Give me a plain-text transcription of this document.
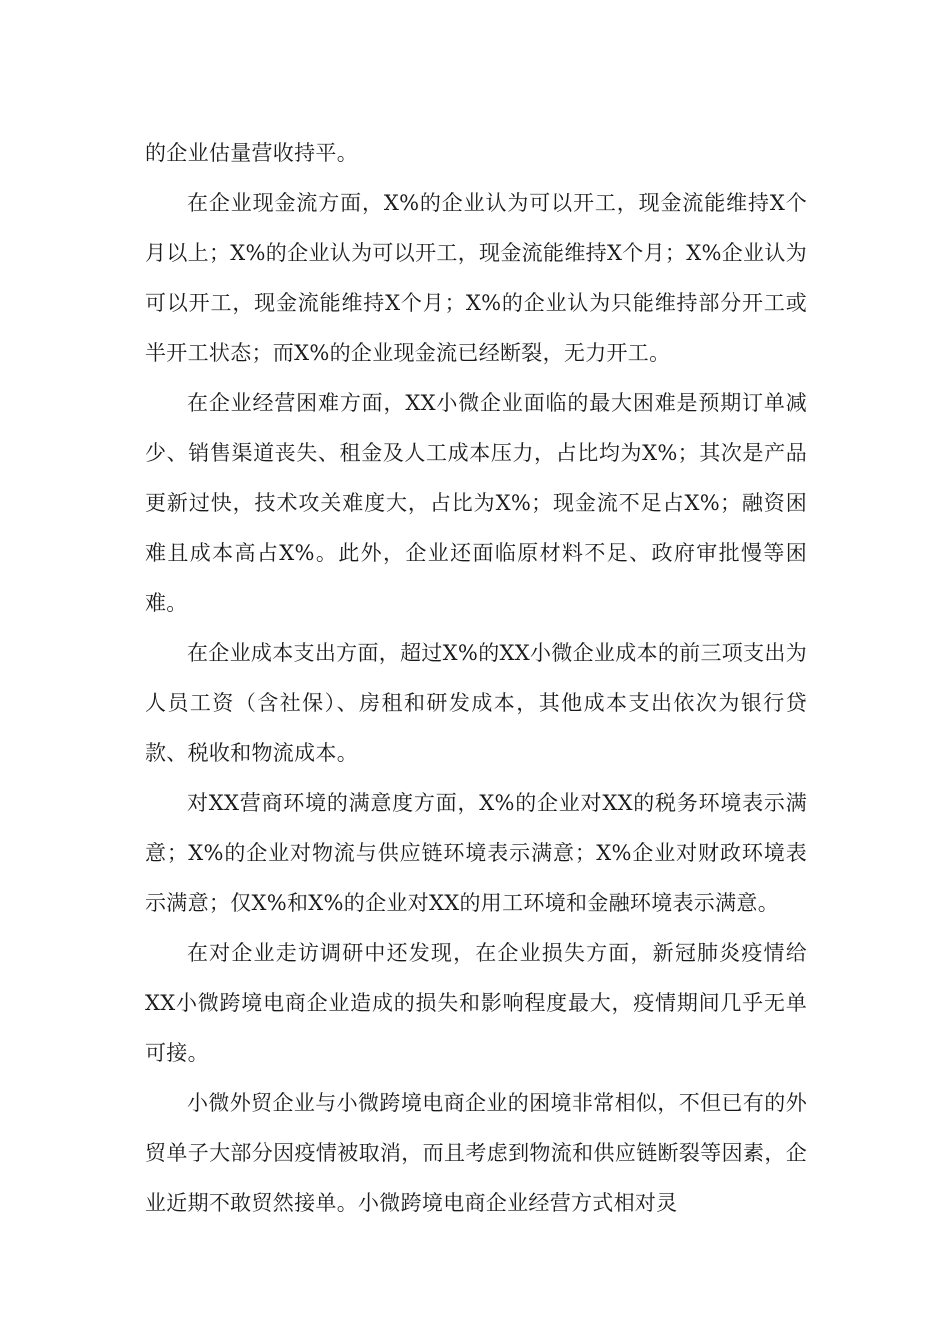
的企业估量营收持平。

在企业现金流方面，X%的企业认为可以开工，现金流能维持X个月以上；X%的企业认为可以开工，现金流能维持X个月；X%企业认为可以开工，现金流能维持X个月；X%的企业认为只能维持部分开工或半开工状态；而X%的企业现金流已经断裂，无力开工。

在企业经营困难方面，XX小微企业面临的最大困难是预期订单减少、销售渠道丧失、租金及人工成本压力，占比均为X%；其次是产品更新过快，技术攻关难度大，占比为X%；现金流不足占X%；融资困难且成本高占X%。此外，企业还面临原材料不足、政府审批慢等困难。

在企业成本支出方面，超过X%的XX小微企业成本的前三项支出为人员工资（含社保）、房租和研发成本，其他成本支出依次为银行贷款、税收和物流成本。

对XX营商环境的满意度方面，X%的企业对XX的税务环境表示满意；X%的企业对物流与供应链环境表示满意；X%企业对财政环境表示满意；仅X%和X%的企业对XX的用工环境和金融环境表示满意。

在对企业走访调研中还发现，在企业损失方面，新冠肺炎疫情给XX小微跨境电商企业造成的损失和影响程度最大，疫情期间几乎无单可接。

小微外贸企业与小微跨境电商企业的困境非常相似，不但已有的外贸单子大部分因疫情被取消，而且考虑到物流和供应链断裂等因素，企业近期不敢贸然接单。小微跨境电商企业经营方式相对灵
